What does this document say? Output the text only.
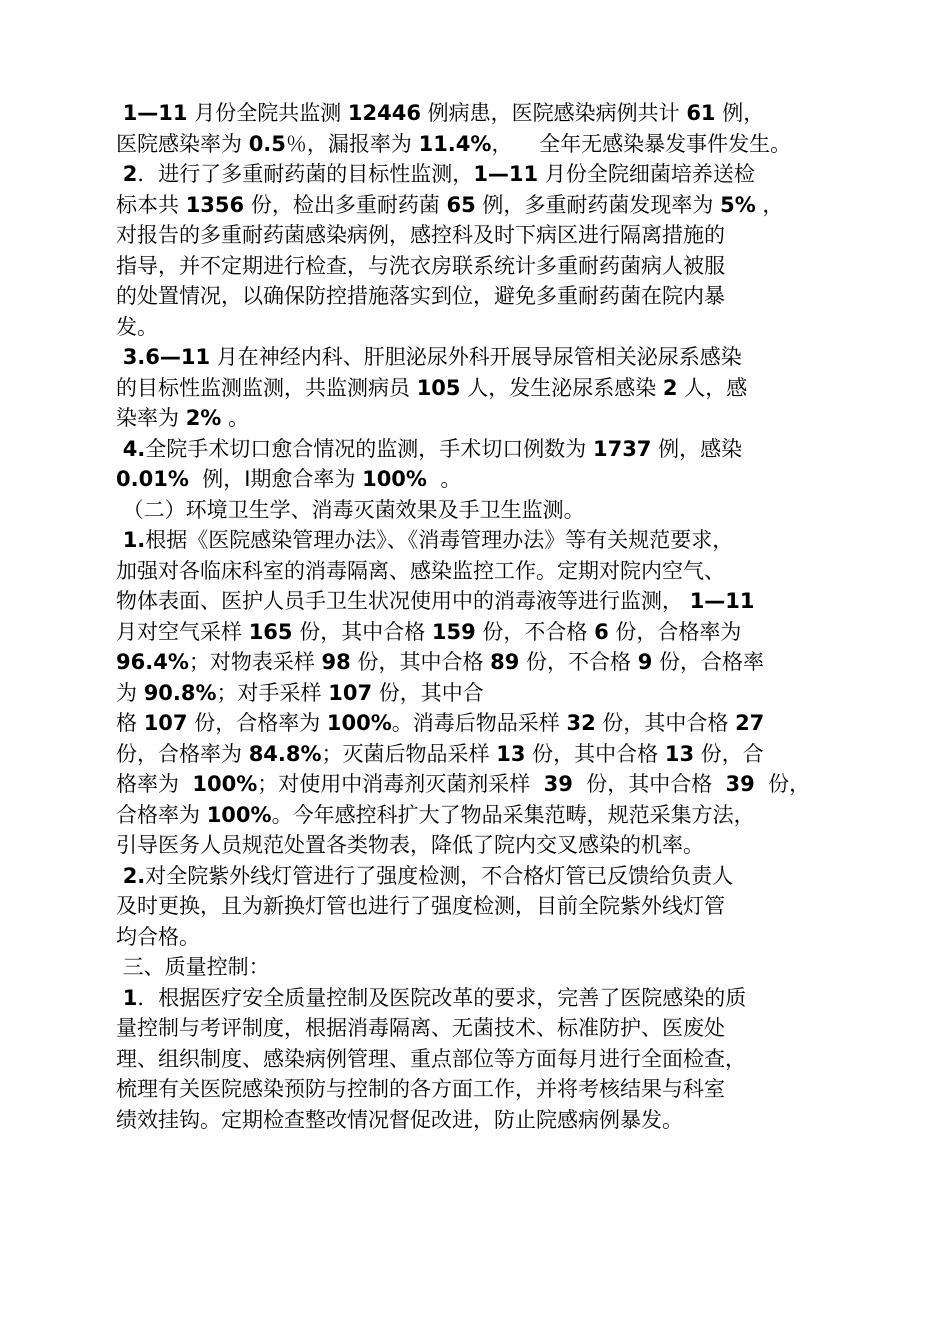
1—11 月份全院共监测 12446 例病患，医院感染病例共计 61 例，
医院感染率为 0.5％，漏报率为 11.4%，    全年无感染暴发事件发生。
2．进行了多重耐药菌的目标性监测，1—11 月份全院细菌培养送检
标本共 1356 份，检出多重耐药菌 65 例，多重耐药菌发现率为 5% ，
对报告的多重耐药菌感染病例，感控科及时下病区进行隔离措施的
指导，并不定期进行检查，与洗衣房联系统计多重耐药菌病人被服
的处置情况，以确保防控措施落实到位，避免多重耐药菌在院内暴
发。
3.6—11 月在神经内科、肝胆泌尿外科开展导尿管相关泌尿系感染
的目标性监测监测，共监测病员 105 人，发生泌尿系感染 2 人，感
染率为 2% 。
4.全院手术切口愈合情况的监测，手术切口例数为 1737 例，感染
0.01%  例，Ⅰ期愈合率为 100%  。
（二）环境卫生学、消毒灭菌效果及手卫生监测。
1.根据《医院感染管理办法》、《消毒管理办法》等有关规范要求，
加强对各临床科室的消毒隔离、感染监控工作。定期对院内空气、
物体表面、医护人员手卫生状况使用中的消毒液等进行监测， 1—11
月对空气采样 165 份，其中合格 159 份，不合格 6 份，合格率为
96.4%；对物表采样 98 份，其中合格 89 份，不合格 9 份，合格率
为 90.8%；对手采样 107 份，其中合
格 107 份，合格率为 100%。消毒后物品采样 32 份，其中合格 27
份，合格率为 84.8%；灭菌后物品采样 13 份，其中合格 13 份，合
格率为  100%；对使用中消毒剂灭菌剂采样  39  份，其中合格  39  份，
合格率为 100%。今年感控科扩大了物品采集范畴，规范采集方法，
引导医务人员规范处置各类物表，降低了院内交叉感染的机率。
2.对全院紫外线灯管进行了强度检测，不合格灯管已反馈给负责人
及时更换，且为新换灯管也进行了强度检测，目前全院紫外线灯管
均合格。
三、质量控制：
1．根据医疗安全质量控制及医院改革的要求，完善了医院感染的质
量控制与考评制度，根据消毒隔离、无菌技术、标准防护、医废处
理、组织制度、感染病例管理、重点部位等方面每月进行全面检查，
梳理有关医院感染预防与控制的各方面工作，并将考核结果与科室
绩效挂钩。定期检查整改情况督促改进，防止院感病例暴发。
